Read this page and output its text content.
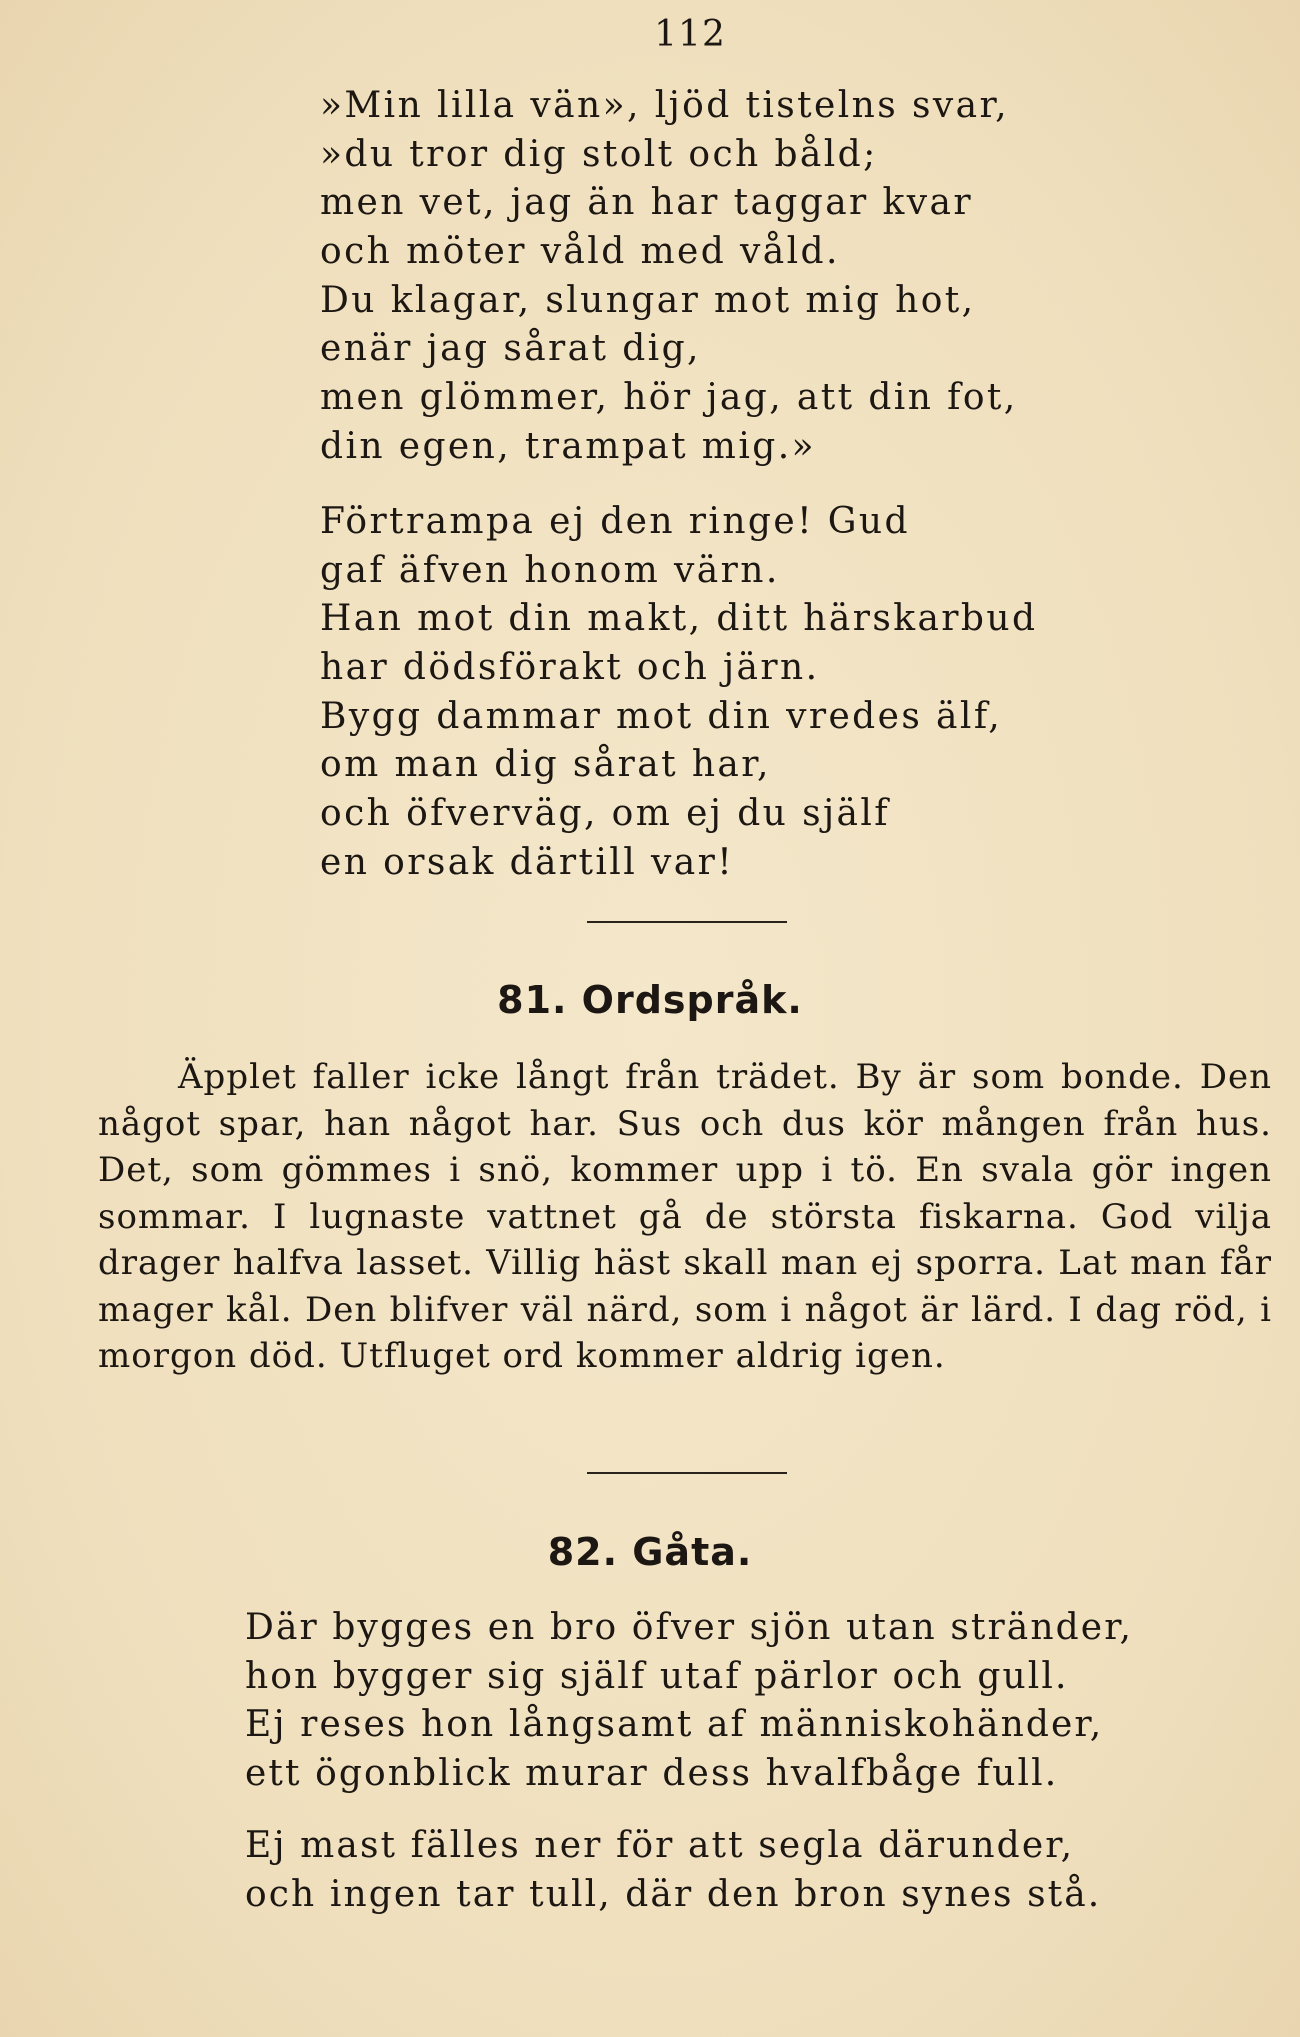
112
»Min lilla vän», ljöd tistelns svar,
»du tror dig stolt och båld;
men vet, jag än har taggar kvar
och möter våld med våld.
Du klagar, slungar mot mig hot,
enär jag sårat dig,
men glömmer, hör jag, att din fot,
din egen, trampat mig.»
Förtrampa ej den ringe! Gud
gaf äfven honom värn.
Han mot din makt, ditt härskarbud
har dödsförakt och järn.
Bygg dammar mot din vredes älf,
om man dig sårat har,
och öfverväg, om ej du själf
en orsak därtill var!
81. Ordspråk.

Äpplet faller icke långt från trädet. By är som bonde. Den något spar, han något har. Sus och dus kör mången från hus. Det, som gömmes i snö, kommer upp i tö. En svala gör ingen sommar. I lugnaste vattnet gå de största fiskarna. God vilja drager halfva lasset. Villig häst skall man ej sporra. Lat man får mager kål. Den blifver väl närd, som i något är lärd. I dag röd, i morgon död. Utfluget ord kommer aldrig igen.

82. Gåta.
Där bygges en bro öfver sjön utan stränder,
hon bygger sig själf utaf pärlor och gull.
Ej reses hon långsamt af människohänder,
ett ögonblick murar dess hvalfbåge full.
Ej mast fälles ner för att segla därunder,
och ingen tar tull, där den bron synes stå.
